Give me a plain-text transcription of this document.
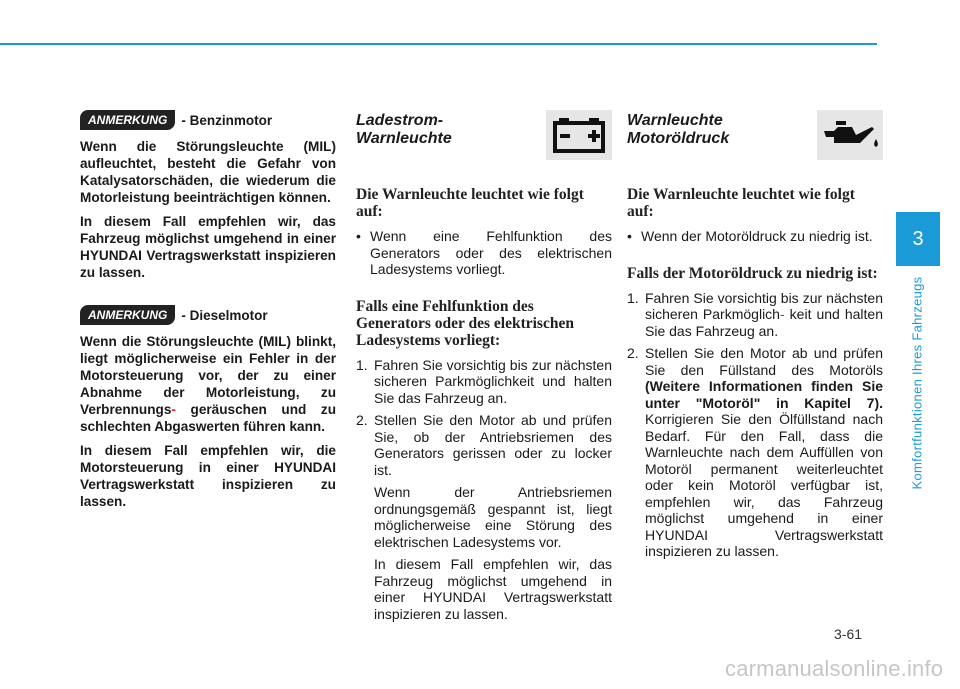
3
Komfortfunktionen Ihres Fahrzeugs
ANMERKUNG	- Benzinmotor

Wenn die Störungsleuchte (MIL) aufleuchtet, besteht die Gefahr von Katalysatorschäden, die wiederum die Motorleistung beeinträchtigen können.

In diesem Fall empfehlen wir, das Fahrzeug möglichst umgehend in einer HYUNDAI Vertragswerkstatt inspizieren zu lassen.

ANMERKUNG	- Dieselmotor

Wenn die Störungsleuchte (MIL) blinkt, liegt möglicherweise ein Fehler in der Motorsteuerung vor, der zu einer Abnahme der Motorleistung, zu Verbrennungs- geräuschen und zu schlechten Abgaswerten führen kann.

In diesem Fall empfehlen wir, die Motorsteuerung in einer HYUNDAI Vertragswerkstatt inspizieren zu lassen.

Ladestrom-
Warnleuchte
Die Warnleuchte leuchtet wie folgt auf:
• Wenn eine Fehlfunktion des Generators oder des elektrischen Ladesystems vorliegt.
Falls eine Fehlfunktion des Generators oder des elektrischen Ladesystems vorliegt:
1. Fahren Sie vorsichtig bis zur nächsten sicheren Parkmöglichkeit und halten Sie das Fahrzeug an.
2. Stellen Sie den Motor ab und prüfen Sie, ob der Antriebsriemen des Generators gerissen oder zu locker ist.

Wenn der Antriebsriemen ordnungsgemäß gespannt ist, liegt möglicherweise eine Störung des elektrischen Ladesystems vor.

In diesem Fall empfehlen wir, das Fahrzeug möglichst umgehend in einer HYUNDAI Vertragswerkstatt inspizieren zu lassen.

Warnleuchte
Motoröldruck
Die Warnleuchte leuchtet wie folgt auf:
• Wenn der Motoröldruck zu niedrig ist.
Falls der Motoröldruck zu niedrig ist:
1. Fahren Sie vorsichtig bis zur nächsten sicheren Parkmöglich- keit und halten Sie das Fahrzeug an.
2. Stellen Sie den Motor ab und prüfen Sie den Füllstand des Motoröls (Weitere Informationen finden Sie unter "Motoröl" in Kapitel 7). Korrigieren Sie den Ölfüllstand nach Bedarf. Für den Fall, dass die Warnleuchte nach dem Auffüllen von Motoröl permanent weiterleuchtet oder kein Motoröl verfügbar ist, empfehlen wir, das Fahrzeug möglichst umgehend in einer HYUNDAI Vertragswerkstatt inspizieren zu lassen.
3-61
carmanualsonline.info
